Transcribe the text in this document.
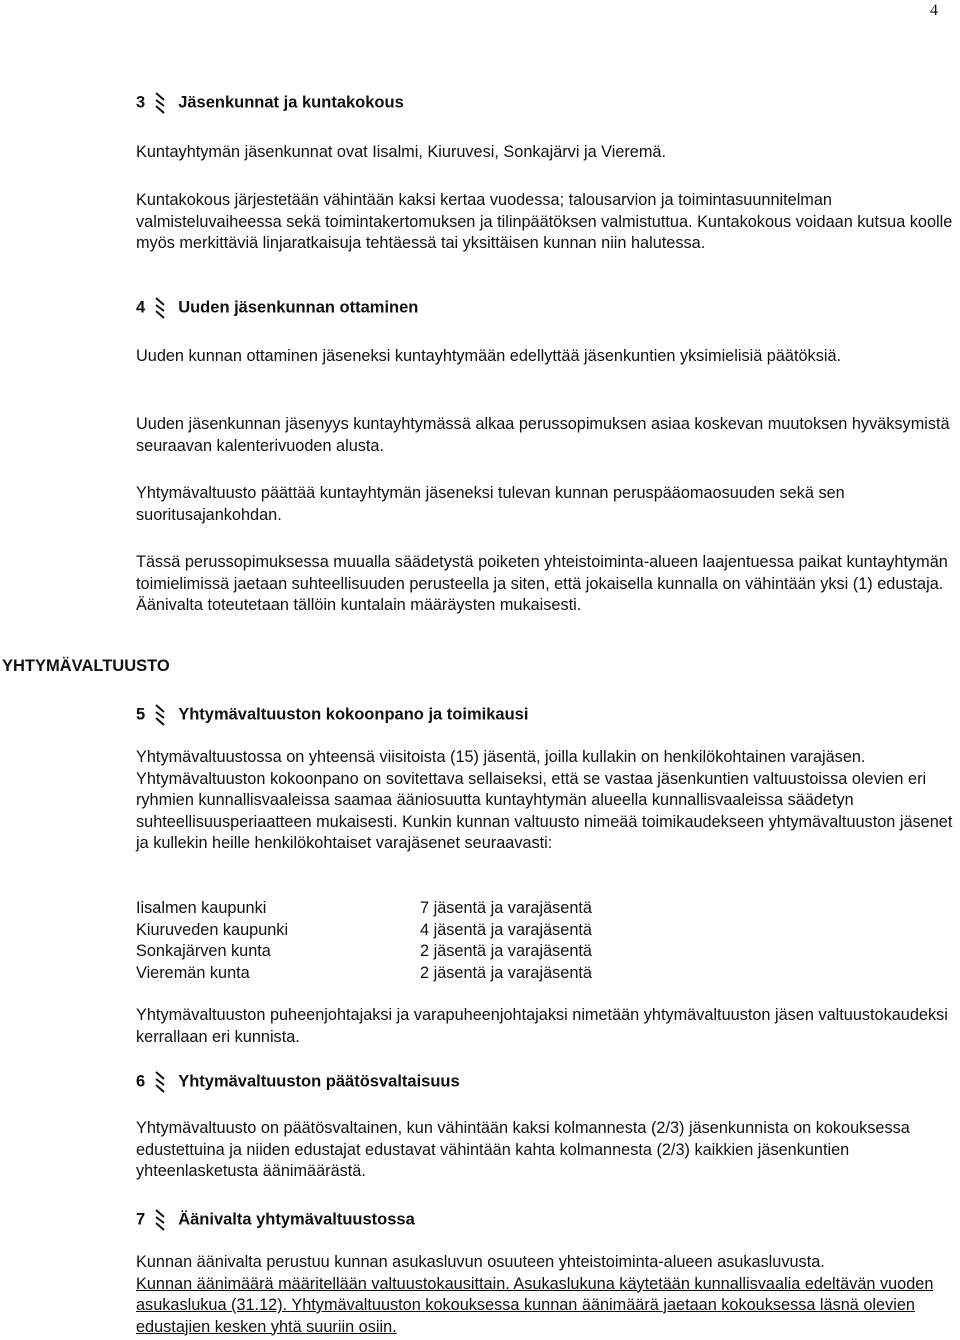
4

3 Jäsenkunnat ja kuntakokous

Kuntayhtymän jäsenkunnat ovat Iisalmi, Kiuruvesi, Sonkajärvi ja Vieremä.

Kuntakokous järjestetään vähintään kaksi kertaa vuodessa; talousarvion ja toimintasuunnitelman valmisteluvaiheessa sekä toimintakertomuksen ja tilinpäätöksen valmistuttua. Kuntakokous voidaan kutsua koolle myös merkittäviä linjaratkaisuja tehtäessä tai yksittäisen kunnan niin halutessa.

4 Uuden jäsenkunnan ottaminen

Uuden kunnan ottaminen jäseneksi kuntayhtymään edellyttää jäsenkuntien yksimielisiä päätöksiä.

Uuden jäsenkunnan jäsenyys kuntayhtymässä alkaa perussopimuksen asiaa koskevan muutoksen hyväksymistä seuraavan kalenterivuoden alusta.

Yhtymävaltuusto päättää kuntayhtymän jäseneksi tulevan kunnan peruspääomaosuuden sekä sen suoritusajankohdan.

Tässä perussopimuksessa muualla säädetystä poiketen yhteistoiminta-alueen laajentuessa paikat kuntayhtymän toimielimissä jaetaan suhteellisuuden perusteella ja siten, että jokaisella kunnalla on vähintään yksi (1) edustaja. Äänivalta toteutetaan tällöin kuntalain määräysten mukaisesti.

YHTYMÄVALTUUSTO

5 Yhtymävaltuuston kokoonpano ja toimikausi

Yhtymävaltuustossa on yhteensä viisitoista (15) jäsentä, joilla kullakin on henkilökohtainen varajäsen. Yhtymävaltuuston kokoonpano on sovitettava sellaiseksi, että se vastaa jäsenkuntien valtuustoissa olevien eri ryhmien kunnallisvaaleissa saamaa ääniosuutta kuntayhtymän alueella kunnallisvaaleissa säädetyn suhteellisuusperiaatteen mukaisesti. Kunkin kunnan valtuusto nimeää toimikaudekseen yhtymävaltuuston jäsenet ja kullekin heille henkilökohtaiset varajäsenet seuraavasti:

Iisalmen kaupunki	7 jäsentä ja varajäsentä
Kiuruveden kaupunki	4 jäsentä ja varajäsentä
Sonkajärven kunta	2 jäsentä ja varajäsentä
Vieremän kunta	2 jäsentä ja varajäsentä

Yhtymävaltuuston puheenjohtajaksi ja varapuheenjohtajaksi nimetään yhtymävaltuuston jäsen valtuustokaudeksi kerrallaan eri kunnista.

6 Yhtymävaltuuston päätösvaltaisuus

Yhtymävaltuusto on päätösvaltainen, kun vähintään kaksi kolmannesta (2/3) jäsenkunnista on kokouksessa edustettuina ja niiden edustajat edustavat vähintään kahta kolmannesta (2/3) kaikkien jäsenkuntien yhteenlasketusta äänimäärästä.

7 Äänivalta yhtymävaltuustossa

Kunnan äänivalta perustuu kunnan asukasluvun osuuteen yhteistoiminta-alueen asukasluvusta.
Kunnan äänimäärä määritellään valtuustokausittain. Asukaslukuna käytetään kunnallisvaalia edeltävän vuoden asukaslukua (31.12). Yhtymävaltuuston kokouksessa kunnan äänimäärä jaetaan kokouksessa läsnä olevien edustajien kesken yhtä suuriin osiin.
